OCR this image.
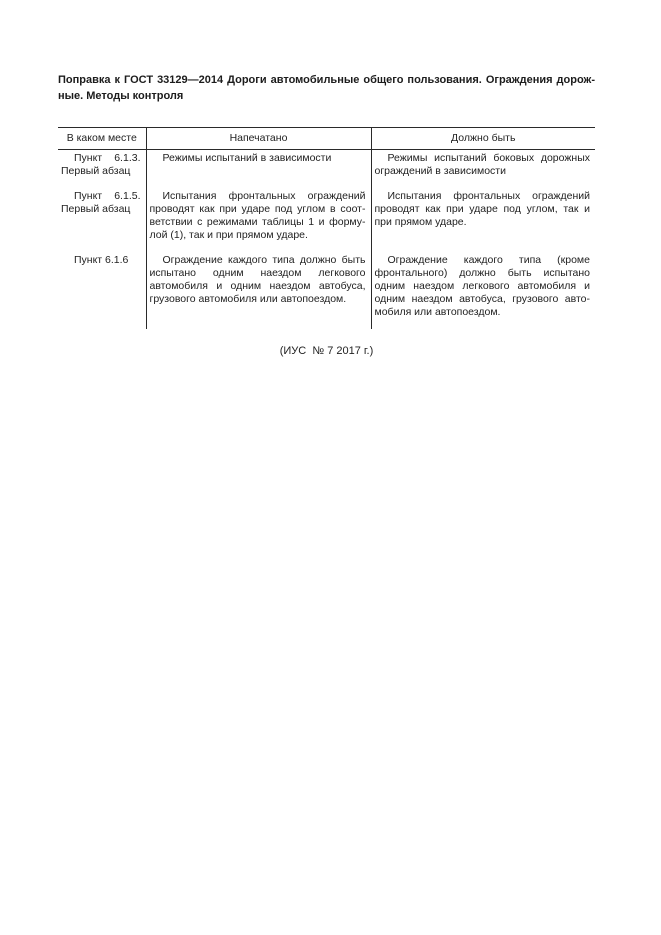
Поправка к ГОСТ 33129—2014 Дороги автомобильные общего пользования. Ограждения дорожные. Методы контроля

В каком месте	Напечатано	Должно быть

Пункт 6.1.3. Первый абзац	Режимы испытаний в зависимости	Режимы испытаний боковых дорожных ограждений в зависимости

Пункт 6.1.5. Первый абзац	Испытания фронтальных ограждений проводят как при ударе под углом в соответствии с режимами таблицы 1 и формулой (1), так и при прямом ударе.	Испытания фронтальных ограждений проводят как при ударе под углом, так и при прямом ударе.

Пункт 6.1.6	Ограждение каждого типа должно быть испытано одним наездом легкового автомобиля и одним наездом автобуса, грузового автомобиля или автопоездом.	Ограждение каждого типа (кроме фронтального) должно быть испытано одним наездом легкового автомобиля и одним наездом автобуса, грузового автомобиля или автопоездом.

(ИУС  № 7 2017 г.)
